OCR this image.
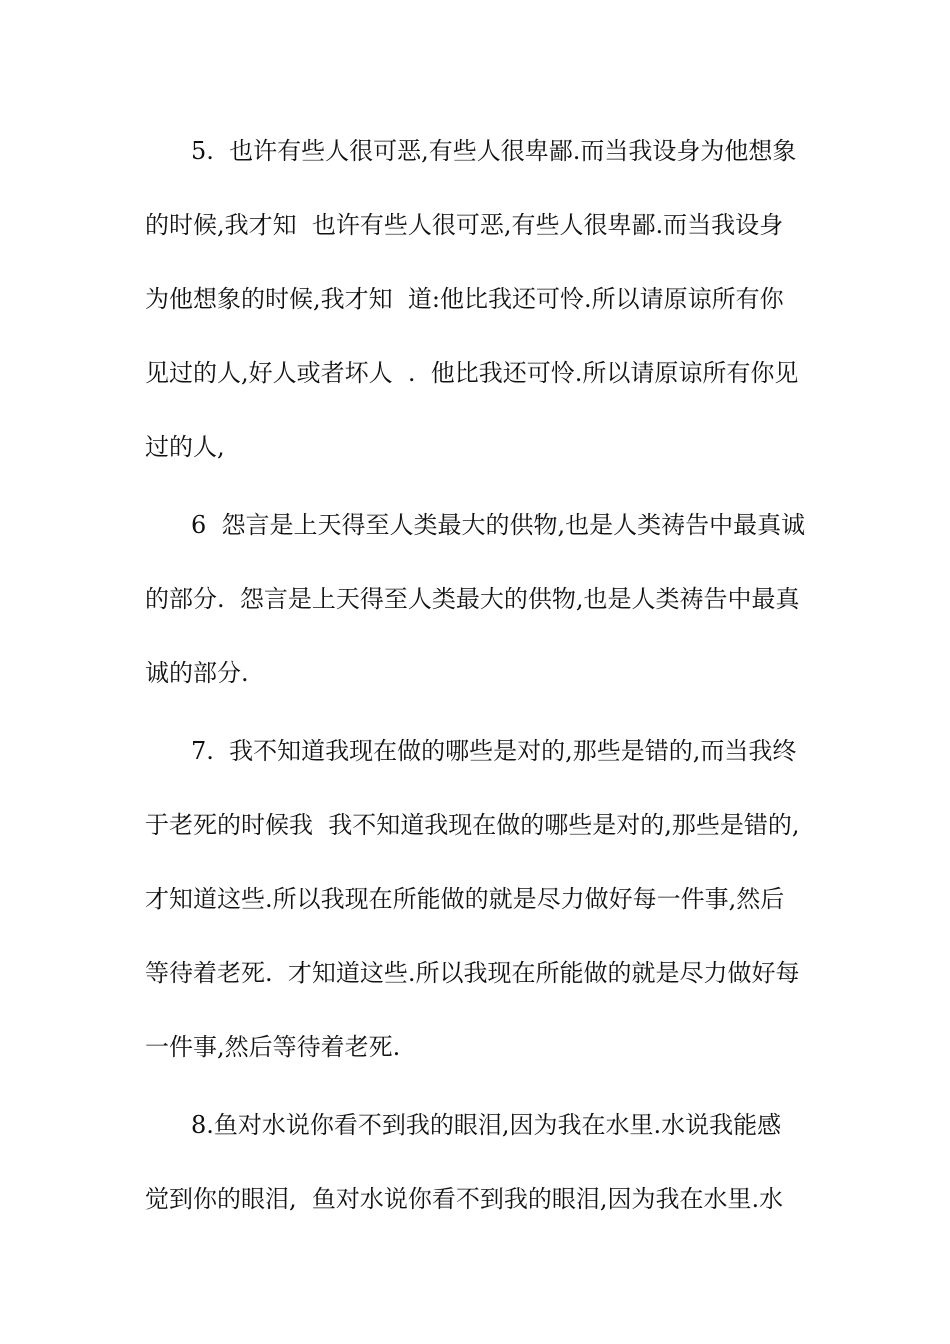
5.  也许有些人很可恶,有些人很卑鄙.而当我设身为他想象

的时候,我才知  也许有些人很可恶,有些人很卑鄙.而当我设身

为他想象的时候,我才知  道:他比我还可怜.所以请原谅所有你

见过的人,好人或者坏人  .  他比我还可怜.所以请原谅所有你见

过的人,

6  怨言是上天得至人类最大的供物,也是人类祷告中最真诚

的部分.  怨言是上天得至人类最大的供物,也是人类祷告中最真

诚的部分.

7.  我不知道我现在做的哪些是对的,那些是错的,而当我终

于老死的时候我  我不知道我现在做的哪些是对的,那些是错的,

才知道这些.所以我现在所能做的就是尽力做好每一件事,然后

等待着老死.  才知道这些.所以我现在所能做的就是尽力做好每

一件事,然后等待着老死.

8.鱼对水说你看不到我的眼泪,因为我在水里.水说我能感

觉到你的眼泪,  鱼对水说你看不到我的眼泪,因为我在水里.水
